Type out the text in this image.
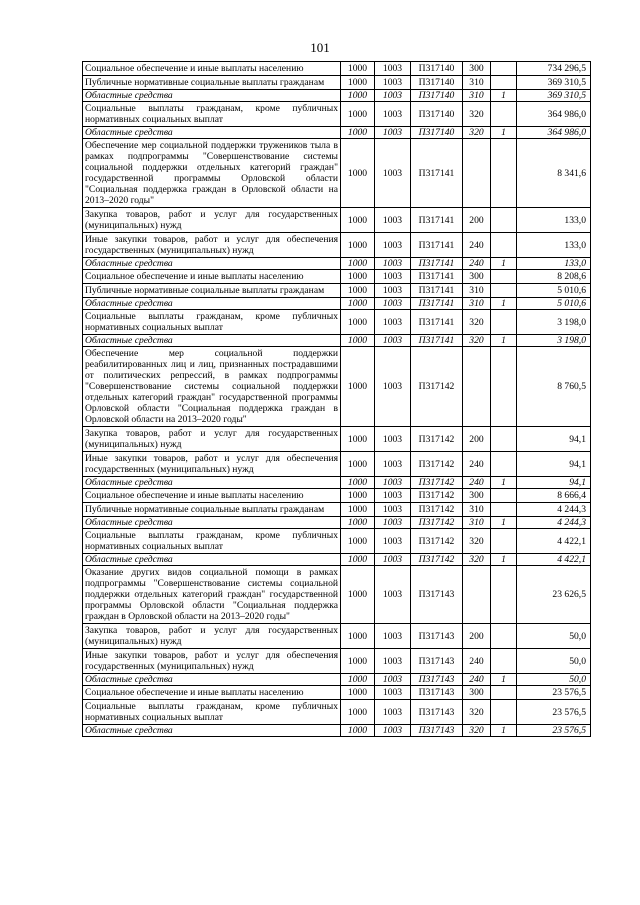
101
Социальное обеспечение и иные выплаты населению	1000	1003	П317140	300		734 296,5
Публичные нормативные социальные выплаты гражданам	1000	1003	П317140	310		369 310,5
Областные средства	1000	1003	П317140	310	1	369 310,5
Социальные выплаты гражданам, кроме публичных нормативных социальных выплат	1000	1003	П317140	320		364 986,0
Областные средства	1000	1003	П317140	320	1	364 986,0
Обеспечение мер социальной поддержки тружеников тыла в рамках подпрограммы "Совершенствование системы социальной поддержки отдельных категорий граждан" государственной программы Орловской области "Социальная поддержка граждан в Орловской области на 2013–2020 годы"	1000	1003	П317141			8 341,6
Закупка товаров, работ и услуг для государственных (муниципальных) нужд	1000	1003	П317141	200		133,0
Иные закупки товаров, работ и услуг для обеспечения государственных (муниципальных) нужд	1000	1003	П317141	240		133,0
Областные средства	1000	1003	П317141	240	1	133,0
Социальное обеспечение и иные выплаты населению	1000	1003	П317141	300		8 208,6
Публичные нормативные социальные выплаты гражданам	1000	1003	П317141	310		5 010,6
Областные средства	1000	1003	П317141	310	1	5 010,6
Социальные выплаты гражданам, кроме публичных нормативных социальных выплат	1000	1003	П317141	320		3 198,0
Областные средства	1000	1003	П317141	320	1	3 198,0
Обеспечение мер социальной поддержки реабилитированных лиц и лиц, признанных пострадавшими от политических репрессий, в рамках подпрограммы "Совершенствование системы социальной поддержки отдельных категорий граждан" государственной программы Орловской области "Социальная поддержка граждан в Орловской области на 2013–2020 годы"	1000	1003	П317142			8 760,5
Закупка товаров, работ и услуг для государственных (муниципальных) нужд	1000	1003	П317142	200		94,1
Иные закупки товаров, работ и услуг для обеспечения государственных (муниципальных) нужд	1000	1003	П317142	240		94,1
Областные средства	1000	1003	П317142	240	1	94,1
Социальное обеспечение и иные выплаты населению	1000	1003	П317142	300		8 666,4
Публичные нормативные социальные выплаты гражданам	1000	1003	П317142	310		4 244,3
Областные средства	1000	1003	П317142	310	1	4 244,3
Социальные выплаты гражданам, кроме публичных нормативных социальных выплат	1000	1003	П317142	320		4 422,1
Областные средства	1000	1003	П317142	320	1	4 422,1
Оказание других видов социальной помощи в рамках подпрограммы "Совершенствование системы социальной поддержки отдельных категорий граждан" государственной программы Орловской области "Социальная поддержка граждан в Орловской области на 2013–2020 годы"	1000	1003	П317143			23 626,5
Закупка товаров, работ и услуг для государственных (муниципальных) нужд	1000	1003	П317143	200		50,0
Иные закупки товаров, работ и услуг для обеспечения государственных (муниципальных) нужд	1000	1003	П317143	240		50,0
Областные средства	1000	1003	П317143	240	1	50,0
Социальное обеспечение и иные выплаты населению	1000	1003	П317143	300		23 576,5
Социальные выплаты гражданам, кроме публичных нормативных социальных выплат	1000	1003	П317143	320		23 576,5
Областные средства	1000	1003	П317143	320	1	23 576,5
